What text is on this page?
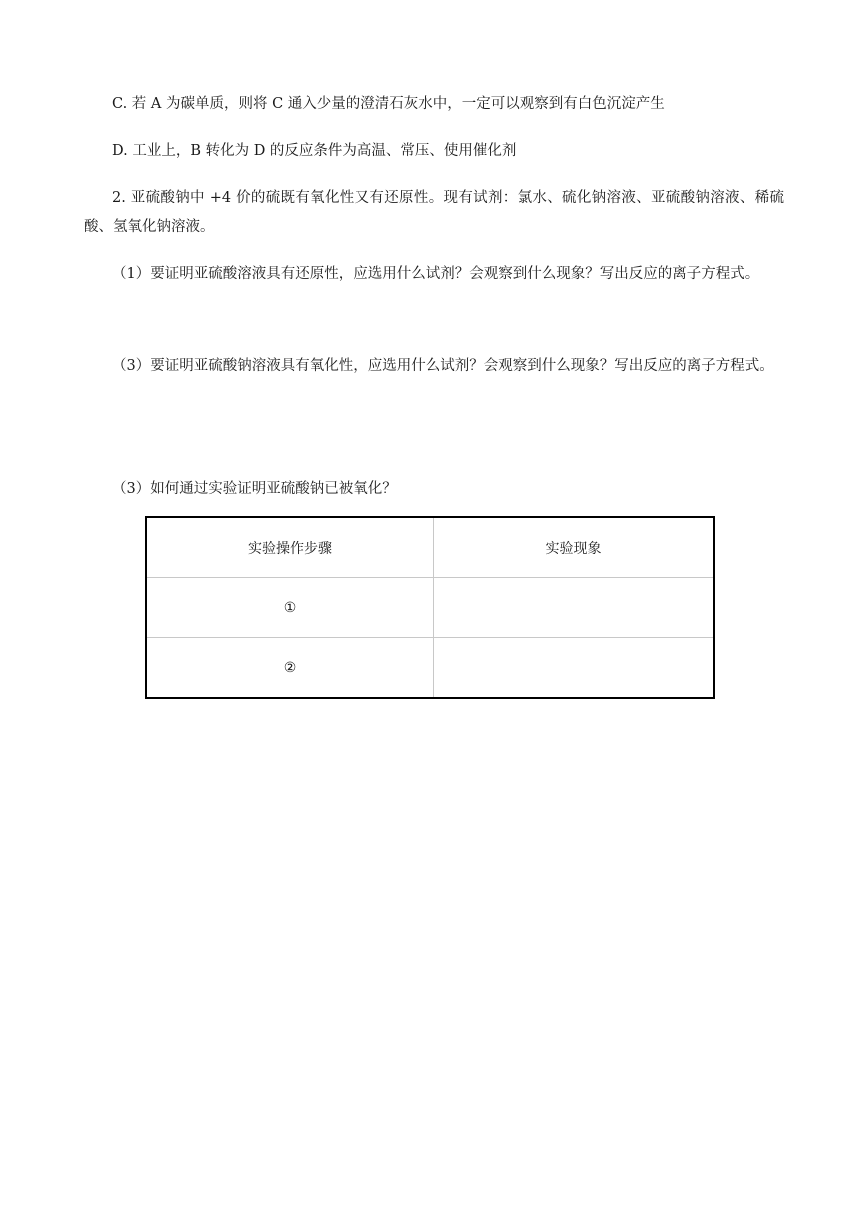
C. 若 A 为碳单质，则将 C 通入少量的澄清石灰水中，一定可以观察到有白色沉淀产生
D. 工业上，B 转化为 D 的反应条件为高温、常压、使用催化剂
2. 亚硫酸钠中 +4 价的硫既有氧化性又有还原性。现有试剂：氯水、硫化钠溶液、亚硫酸钠溶液、稀硫酸、氢氧化钠溶液。
（1）要证明亚硫酸溶液具有还原性，应选用什么试剂？会观察到什么现象？写出反应的离子方程式。
（3）要证明亚硫酸钠溶液具有氧化性，应选用什么试剂？会观察到什么现象？写出反应的离子方程式。
（3）如何通过实验证明亚硫酸钠已被氧化？
实验操作步骤	实验现象
①	
②	
